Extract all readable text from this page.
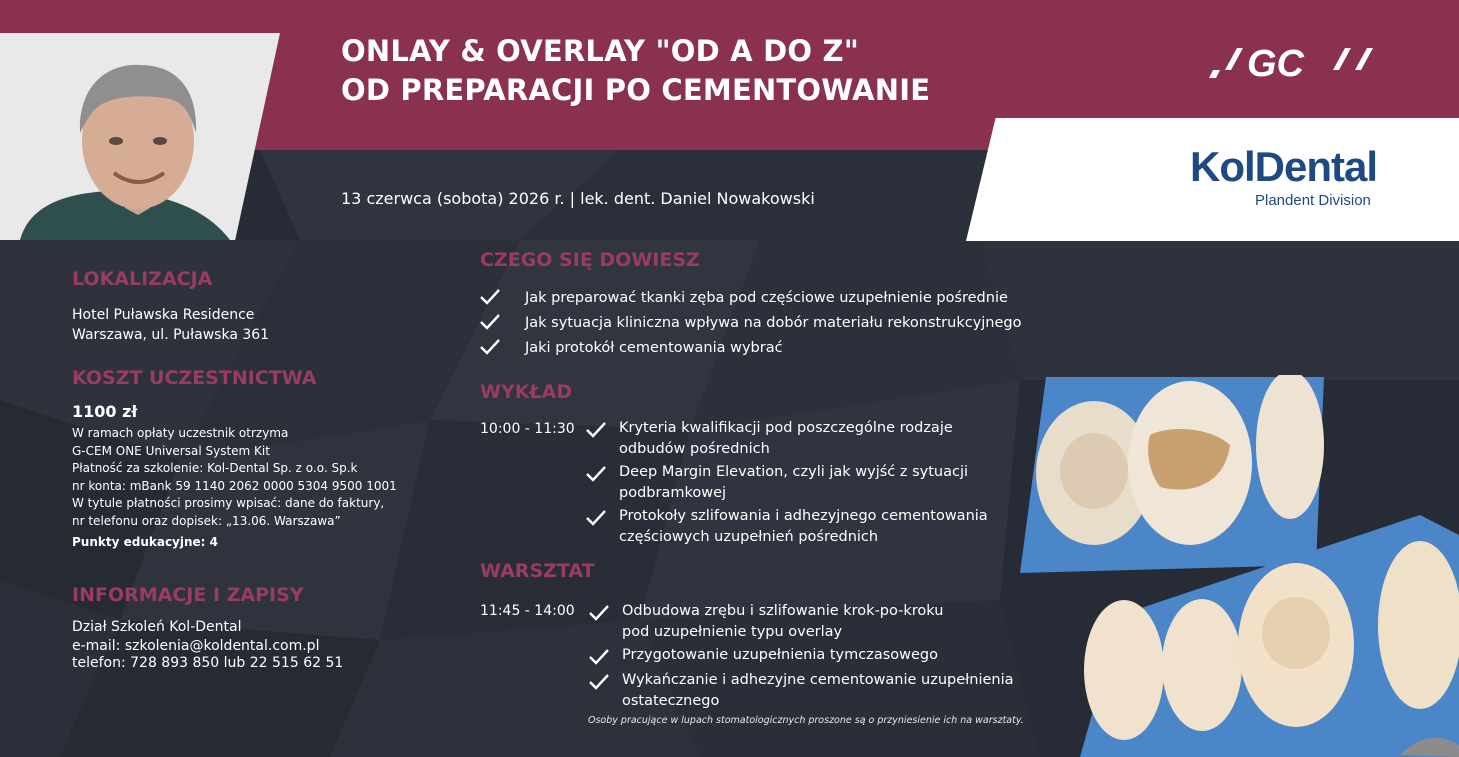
ONLAY & OVERLAY "OD A DO Z"
OD PREPARACJI PO CEMENTOWANIE
GC
KolDental
Plandent Division
13 czerwca (sobota) 2026 r. | lek. dent. Daniel Nowakowski
LOKALIZACJA
Hotel Puławska Residence
Warszawa, ul. Puławska 361
KOSZT UCZESTNICTWA
1100 zł
W ramach opłaty uczestnik otrzyma
G-CEM ONE Universal System Kit
Płatność za szkolenie: Kol-Dental Sp. z o.o. Sp.k
nr konta: mBank 59 1140 2062 0000 5304 9500 1001
W tytule płatności prosimy wpisać: dane do faktury,
nr telefonu oraz dopisek: „13.06. Warszawa”
Punkty edukacyjne: 4
INFORMACJE I ZAPISY
Dział Szkoleń Kol-Dental
e-mail: szkolenia@koldental.com.pl
telefon: 728 893 850 lub 22 515 62 51
CZEGO SIĘ DOWIESZ
Jak preparować tkanki zęba pod częściowe uzupełnienie pośrednie
Jak sytuacja kliniczna wpływa na dobór materiału rekonstrukcyjnego
Jaki protokół cementowania wybrać
WYKŁAD
10:00 - 11:30	Kryteria kwalifikacji pod poszczególne rodzaje
odbudów pośrednich
Deep Margin Elevation, czyli jak wyjść z sytuacji
podbramkowej
Protokoły szlifowania i adhezyjnego cementowania
częściowych uzupełnień pośrednich
WARSZTAT
11:45 - 14:00	Odbudowa zrębu i szlifowanie krok-po-kroku
pod uzupełnienie typu overlay
Przygotowanie uzupełnienia tymczasowego
Wykańczanie i adhezyjne cementowanie uzupełnienia
ostatecznego
Osoby pracujące w lupach stomatologicznych proszone są o przyniesienie ich na warsztaty.
